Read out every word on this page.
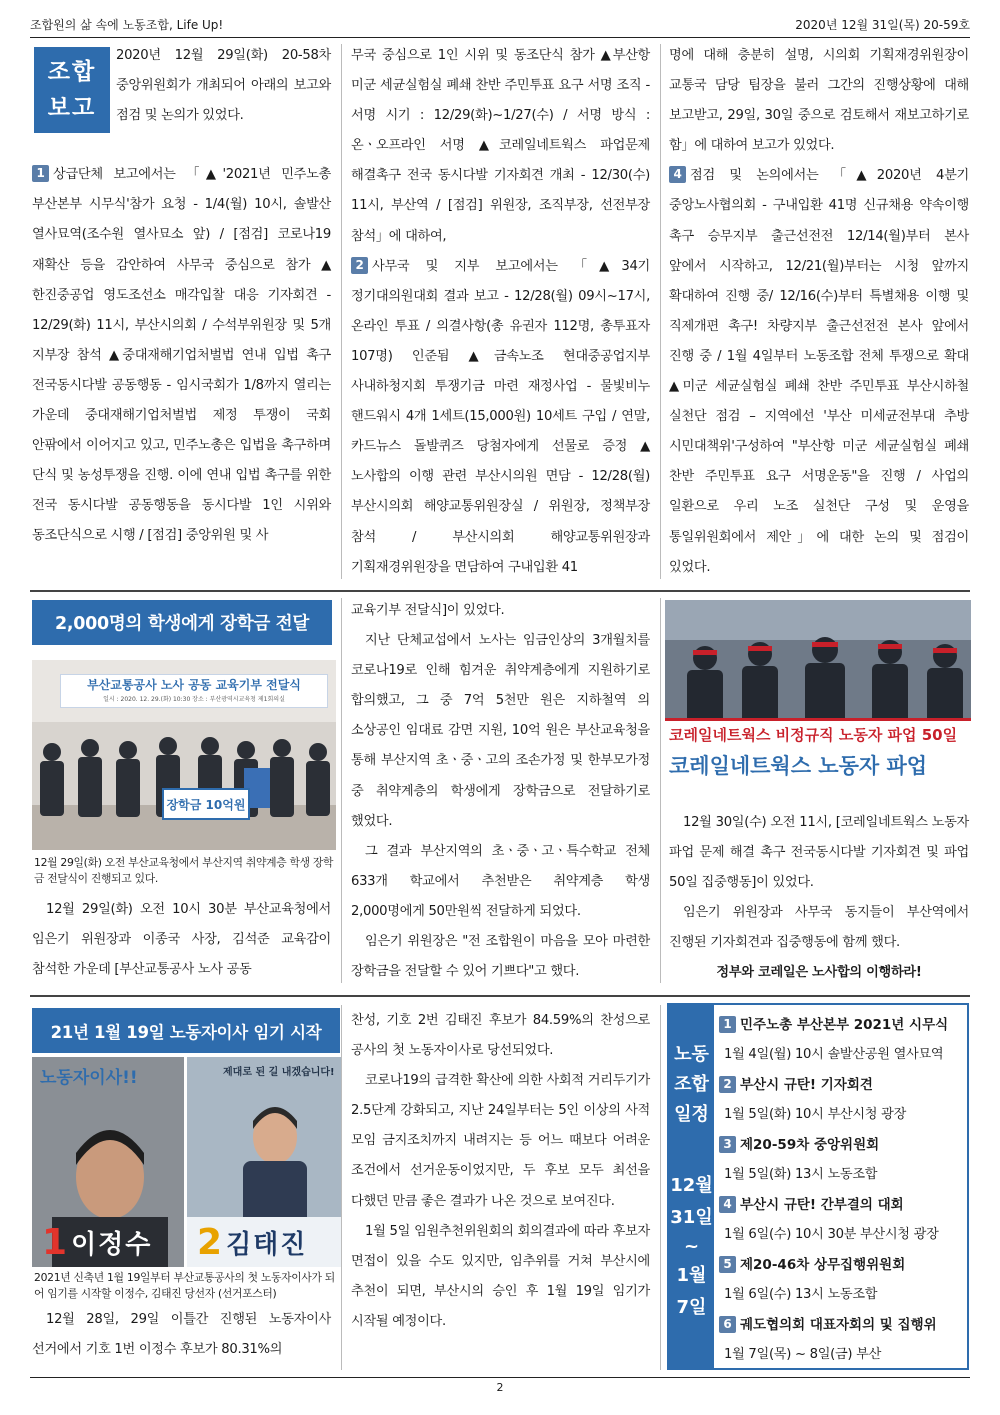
조합원의 삶 속에 노동조합, Life Up!	2020년 12월 31일(목) 20-59호
조합
보고
2020년 12월 29일(화) 20-58차 중앙위원회가 개최되어 아래의 보고와 점검 및 논의가 있었다.
1 상급단체 보고에서는 「▲'2021년 민주노총 부산본부 시무식'참가 요청 - 1/4(월) 10시, 솔발산 열사묘역(조수원 열사묘소 앞) / [점검] 코로나19 재확산 등을 감안하여 사무국 중심으로 참가 ▲한진중공업 영도조선소 매각입찰 대응 기자회견 - 12/29(화) 11시, 부산시의회 / 수석부위원장 및 5개 지부장 참석 ▲중대재해기업처벌법 연내 입법 촉구 전국동시다발 공동행동 - 임시국회가 1/8까지 열리는 가운데 중대재해기업처벌법 제정 투쟁이 국회 안팎에서 이어지고 있고, 민주노총은 입법을 촉구하며 단식 및 농성투쟁을 진행. 이에 연내 입법 촉구를 위한 전국 동시다발 공동행동을 동시다발 1인 시위와 동조단식으로 시행 / [점검] 중앙위원 및 사
무국 중심으로 1인 시위 및 동조단식 참가 ▲부산항 미군 세균실험실 폐쇄 찬반 주민투표 요구 서명 조직 - 서명 시기 : 12/29(화)~1/27(수) / 서명 방식 : 온ㆍ오프라인 서명 ▲코레일네트웍스 파업문제 해결촉구 전국 동시다발 기자회견 개최 - 12/30(수) 11시, 부산역 / [점검] 위원장, 조직부장, 선전부장 참석」에 대하여,
2 사무국 및 지부 보고에서는 「▲34기 정기대의원대회 결과 보고 - 12/28(월) 09시~17시, 온라인 투표 / 의결사항(총 유권자 112명, 총투표자 107명) 인준됨 ▲금속노조 현대중공업지부 사내하청지회 투쟁기금 마련 재정사업 - 물빛비누 핸드워시 4개 1세트(15,000원) 10세트 구입 / 연말, 카드뉴스 돌발퀴즈 당첨자에게 선물로 증정 ▲노사합의 이행 관련 부산시의원 면담 - 12/28(월) 부산시의회 해양교통위원장실 / 위원장, 정책부장 참석 / 부산시의회 해양교통위원장과 기획재경위원장을 면담하여 구내입환 41
명에 대해 충분히 설명, 시의회 기획재경위원장이 교통국 담당 팀장을 불러 그간의 진행상황에 대해 보고받고, 29일, 30일 중으로 검토해서 재보고하기로 함」에 대하여 보고가 있었다.
4 점검 및 논의에서는 「▲2020년 4분기 중앙노사협의회 - 구내입환 41명 신규채용 약속이행 촉구 승무지부 출근선전전 12/14(월)부터 본사 앞에서 시작하고, 12/21(월)부터는 시청 앞까지 확대하여 진행 중/ 12/16(수)부터 특별채용 이행 및 직제개편 촉구! 차량지부 출근선전전 본사 앞에서 진행 중 / 1월 4일부터 노동조합 전체 투쟁으로 확대 ▲미군 세균실험실 폐쇄 찬반 주민투표 부산시하철 실천단 점검 – 지역에선 '부산 미세균전부대 추방 시민대책위'구성하여 "부산항 미군 세균실험실 폐쇄 찬반 주민투표 요구 서명운동"을 진행 / 사업의 일환으로 우리 노조 실천단 구성 및 운영을 통일위원회에서 제안」에 대한 논의 및 점검이 있었다.
2,000명의 학생에게 장학금 전달
부산교통공사 노사 공동 교육기부 전달식
일시 : 2020. 12. 29.(화) 10:30 장소 : 부산광역시교육청 제1회의실
장학금 10억원
12월 29일(화) 오전 부산교육청에서 부산지역 취약계층 학생 장학금 전달식이 진행되고 있다.
12월 29일(화) 오전 10시 30분 부산교육청에서 임은기 위원장과 이종국 사장, 김석준 교육감이 참석한 가운데 [부산교통공사 노사 공동
교육기부 전달식]이 있었다.
지난 단체교섭에서 노사는 임금인상의 3개월치를 코로나19로 인해 힘겨운 취약계층에게 지원하기로 합의했고, 그 중 7억 5천만 원은 지하철역 의 소상공인 임대료 감면 지원, 10억 원은 부산교육청을 통해 부산지역 초ㆍ중ㆍ고의 조손가정 및 한부모가정 중 취약계층의 학생에게 장학금으로 전달하기로 했었다.
그 결과 부산지역의 초ㆍ중ㆍ고ㆍ특수학교 전체 633개 학교에서 추천받은 취약계층 학생 2,000명에게 50만원씩 전달하게 되었다.
임은기 위원장은 "전 조합원이 마음을 모아 마련한 장학금을 전달할 수 있어 기쁘다"고 했다.
코레일네트웍스 비정규직 노동자 파업 50일
코레일네트웍스 노동자 파업
12월 30일(수) 오전 11시, [코레일네트웍스 노동자 파업 문제 해결 촉구 전국동시다발 기자회견 및 파업 50일 집중행동]이 있었다.
임은기 위원장과 사무국 동지들이 부산역에서 진행된 기자회견과 집중행동에 함께 했다.
정부와 코레일은 노사합의 이행하라!
21년 1월 19일 노동자이사 임기 시작
노동자이사!!
1 이정수
제대로 된 길 내겠습니다!
2 김태진
2021년 신축년 1월 19일부터 부산교통공사의 첫 노동자이사가 되어 임기를 시작할 이정수, 김태진 당선자 (선거포스터)
12월 28일, 29일 이틀간 진행된 노동자이사 선거에서 기호 1번 이정수 후보가 80.31%의
찬성, 기호 2번 김태진 후보가 84.59%의 찬성으로 공사의 첫 노동자이사로 당선되었다.
코로나19의 급격한 확산에 의한 사회적 거리두기가 2.5단계 강화되고, 지난 24일부터는 5인 이상의 사적 모임 금지조치까지 내려지는 등 어느 때보다 어려운 조건에서 선거운동이었지만, 두 후보 모두 최선을 다했던 만큼 좋은 결과가 나온 것으로 보여진다.
1월 5일 임원추천위원회의 회의결과에 따라 후보자 면접이 있을 수도 있지만, 임추위를 거쳐 부산시에 추천이 되면, 부산시의 승인 후 1월 19일 임기가 시작될 예정이다.
노동
조합
일정
12월
31일
~
1월
7일
1 민주노총 부산본부 2021년 시무식
1월 4일(월) 10시 솔발산공원 열사묘역
2 부산시 규탄! 기자회견
1월 5일(화) 10시 부산시청 광장
3 제20-59차 중앙위원회
1월 5일(화) 13시 노동조합
4 부산시 규탄! 간부결의 대회
1월 6일(수) 10시 30분 부산시청 광장
5 제20-46차 상무집행위원회
1월 6일(수) 13시 노동조합
6 궤도협의회 대표자회의 및 집행위
1월 7일(목) ~ 8일(금) 부산
2
